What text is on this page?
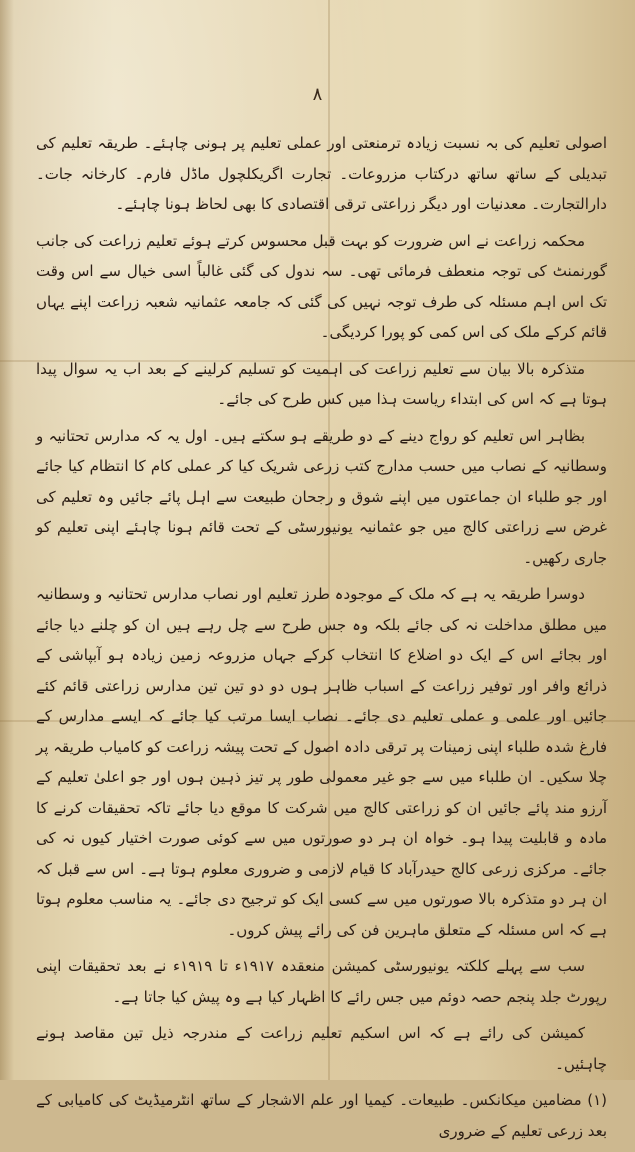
۸

اصولی تعلیم کی بہ نسبت زیادہ ترمنعتی اور عملی تعلیم پر ہونی چاہئے۔ طریقہ تعلیم کی تبدیلی کے ساتھ ساتھ درکتاب مزروعات۔ تجارت اگریکلچول ماڈل فارم۔ کارخانہ جات۔ دارالتجارت۔ معدنیات اور دیگر زراعتی ترقی اقتصادی کا بھی لحاظ ہونا چاہئے۔

محکمہ زراعت نے اس ضرورت کو بہت قبل محسوس کرتے ہوئے تعلیم زراعت کی جانب گورنمنٹ کی توجہ منعطف فرمائی تھی۔ سہ ندول کی گئی غالباً اسی خیال سے اس وقت تک اس اہم مسئلہ کی طرف توجہ نہیں کی گئی کہ جامعہ عثمانیہ شعبہ زراعت اپنے یہاں قائم کرکے ملک کی اس کمی کو پورا کردیگی۔

متذکرہ بالا بیان سے تعلیم زراعت کی اہمیت کو تسلیم کرلینے کے بعد اب یہ سوال پیدا ہوتا ہے کہ اس کی ابتداء ریاست ہذا میں کس طرح کی جائے۔

بظاہر اس تعلیم کو رواج دینے کے دو طریقے ہو سکتے ہیں۔ اول یہ کہ مدارس تحتانیہ و وسطانیہ کے نصاب میں حسب مدارج کتب زرعی شریک کیا کر عملی کام کا انتظام کیا جائے اور جو طلباء ان جماعتوں میں اپنے شوق و رجحان طبیعت سے اہل پائے جائیں وہ تعلیم کی غرض سے زراعتی کالج میں جو عثمانیہ یونیورسٹی کے تحت قائم ہونا چاہئے اپنی تعلیم کو جاری رکھیں۔

دوسرا طریقہ یہ ہے کہ ملک کے موجودہ طرز تعلیم اور نصاب مدارس تحتانیہ و وسطانیہ میں مطلق مداخلت نہ کی جائے بلکہ وہ جس طرح سے چل رہے ہیں ان کو چلنے دیا جائے اور بجائے اس کے ایک دو اضلاع کا انتخاب کرکے جہاں مزروعہ زمین زیادہ ہو آبپاشی کے ذرائع وافر اور توفیر زراعت کے اسباب ظاہر ہوں دو دو تین تین مدارس زراعتی قائم کئے جائیں اور علمی و عملی تعلیم دی جائے۔ نصاب ایسا مرتب کیا جائے کہ ایسے مدارس کے فارغ شدہ طلباء اپنی زمینات پر ترقی دادہ اصول کے تحت پیشہ زراعت کو کامیاب طریقہ پر چلا سکیں۔ ان طلباء میں سے جو غیر معمولی طور پر تیز ذہین ہوں اور جو اعلیٰ تعلیم کے آرزو مند پائے جائیں ان کو زراعتی کالج میں شرکت کا موقع دیا جائے تاکہ تحقیقات کرنے کا مادہ و قابلیت پیدا ہو۔ خواہ ان ہر دو صورتوں میں سے کوئی صورت اختیار کیوں نہ کی جائے۔ مرکزی زرعی کالج حیدرآباد کا قیام لازمی و ضروری معلوم ہوتا ہے۔ اس سے قبل کہ ان ہر دو متذکرہ بالا صورتوں میں سے کسی ایک کو ترجیح دی جائے۔ یہ مناسب معلوم ہوتا ہے کہ اس مسئلہ کے متعلق ماہرین فن کی رائے پیش کروں۔

سب سے پہلے کلکتہ یونیورسٹی کمیشن منعقدہ ۱۹۱۷ء تا ۱۹۱۹ء نے بعد تحقیقات اپنی رپورٹ جلد پنجم حصہ دوئم میں جس رائے کا اظہار کیا ہے وہ پیش کیا جاتا ہے۔

کمیشن کی رائے ہے کہ اس اسکیم تعلیم زراعت کے مندرجہ ذیل تین مقاصد ہونے چاہئیں۔

(۱) مضامین میکانکس۔ طبیعات۔ کیمیا اور علم الاشجار کے ساتھ انٹرمیڈیٹ کی کامیابی کے بعد زرعی تعلیم کے ضروری
